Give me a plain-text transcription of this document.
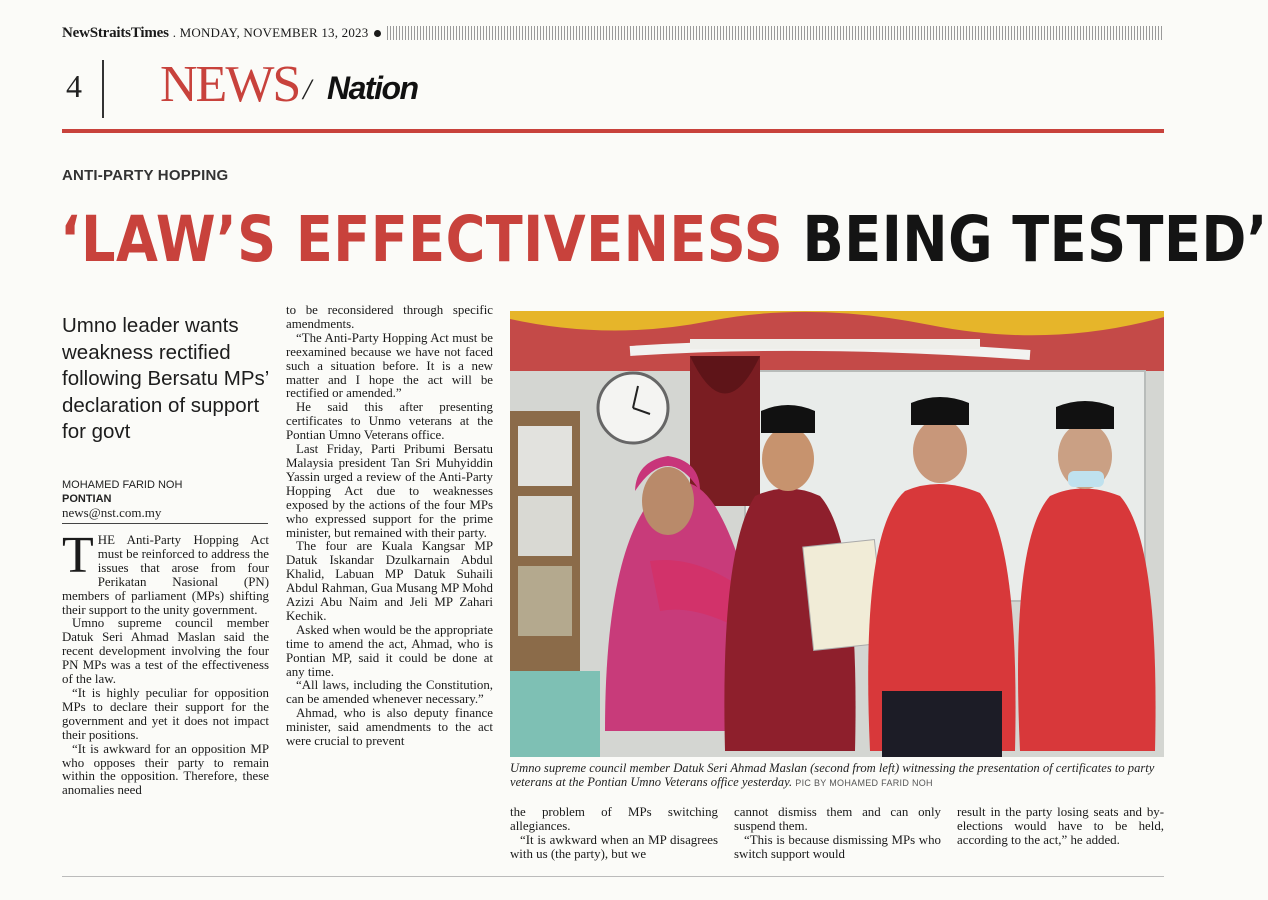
NewStraitsTimes . MONDAY, NOVEMBER 13, 2023
4 NEWS / Nation
ANTI-PARTY HOPPING
‘LAW’S EFFECTIVENESS BEING TESTED’
Umno leader wants weakness rectified following Bersatu MPs’ declaration of support for govt
MOHAMED FARID NOH
PONTIAN
news@nst.com.my

THE Anti-Party Hopping Act must be reinforced to address the issues that arose from four Perikatan Nasional (PN) members of parliament (MPs) shifting their support to the unity government.

Umno supreme council member Datuk Seri Ahmad Maslan said the recent development involving the four PN MPs was a test of the effectiveness of the law.

“It is highly peculiar for opposition MPs to declare their support for the government and yet it does not impact their positions.

“It is awkward for an opposition MP who opposes their party to remain within the opposition. Therefore, these anomalies need

to be reconsidered through specific amendments.

“The Anti-Party Hopping Act must be reexamined because we have not faced such a situation before. It is a new matter and I hope the act will be rectified or amended.”

He said this after presenting certificates to Unmo veterans at the Pontian Umno Veterans office.

Last Friday, Parti Pribumi Bersatu Malaysia president Tan Sri Muhyiddin Yassin urged a review of the Anti-Party Hopping Act due to weaknesses exposed by the actions of the four MPs who expressed support for the prime minister, but remained with their party.

The four are Kuala Kangsar MP Datuk Iskandar Dzulkarnain Abdul Khalid, Labuan MP Datuk Suhaili Abdul Rahman, Gua Musang MP Mohd Azizi Abu Naim and Jeli MP Zahari Kechik.

Asked when would be the appropriate time to amend the act, Ahmad, who is Pontian MP, said it could be done at any time.

“All laws, including the Constitution, can be amended whenever necessary.”

Ahmad, who is also deputy finance minister, said amendments to the act were crucial to prevent

Umno supreme council member Datuk Seri Ahmad Maslan (second from left) witnessing the presentation of certificates to party veterans at the Pontian Umno Veterans office yesterday. PIC BY MOHAMED FARID NOH

the problem of MPs switching allegiances.

“It is awkward when an MP disagrees with us (the party), but we

cannot dismiss them and can only suspend them.

“This is because dismissing MPs who switch support would

result in the party losing seats and by-elections would have to be held, according to the act,” he added.
